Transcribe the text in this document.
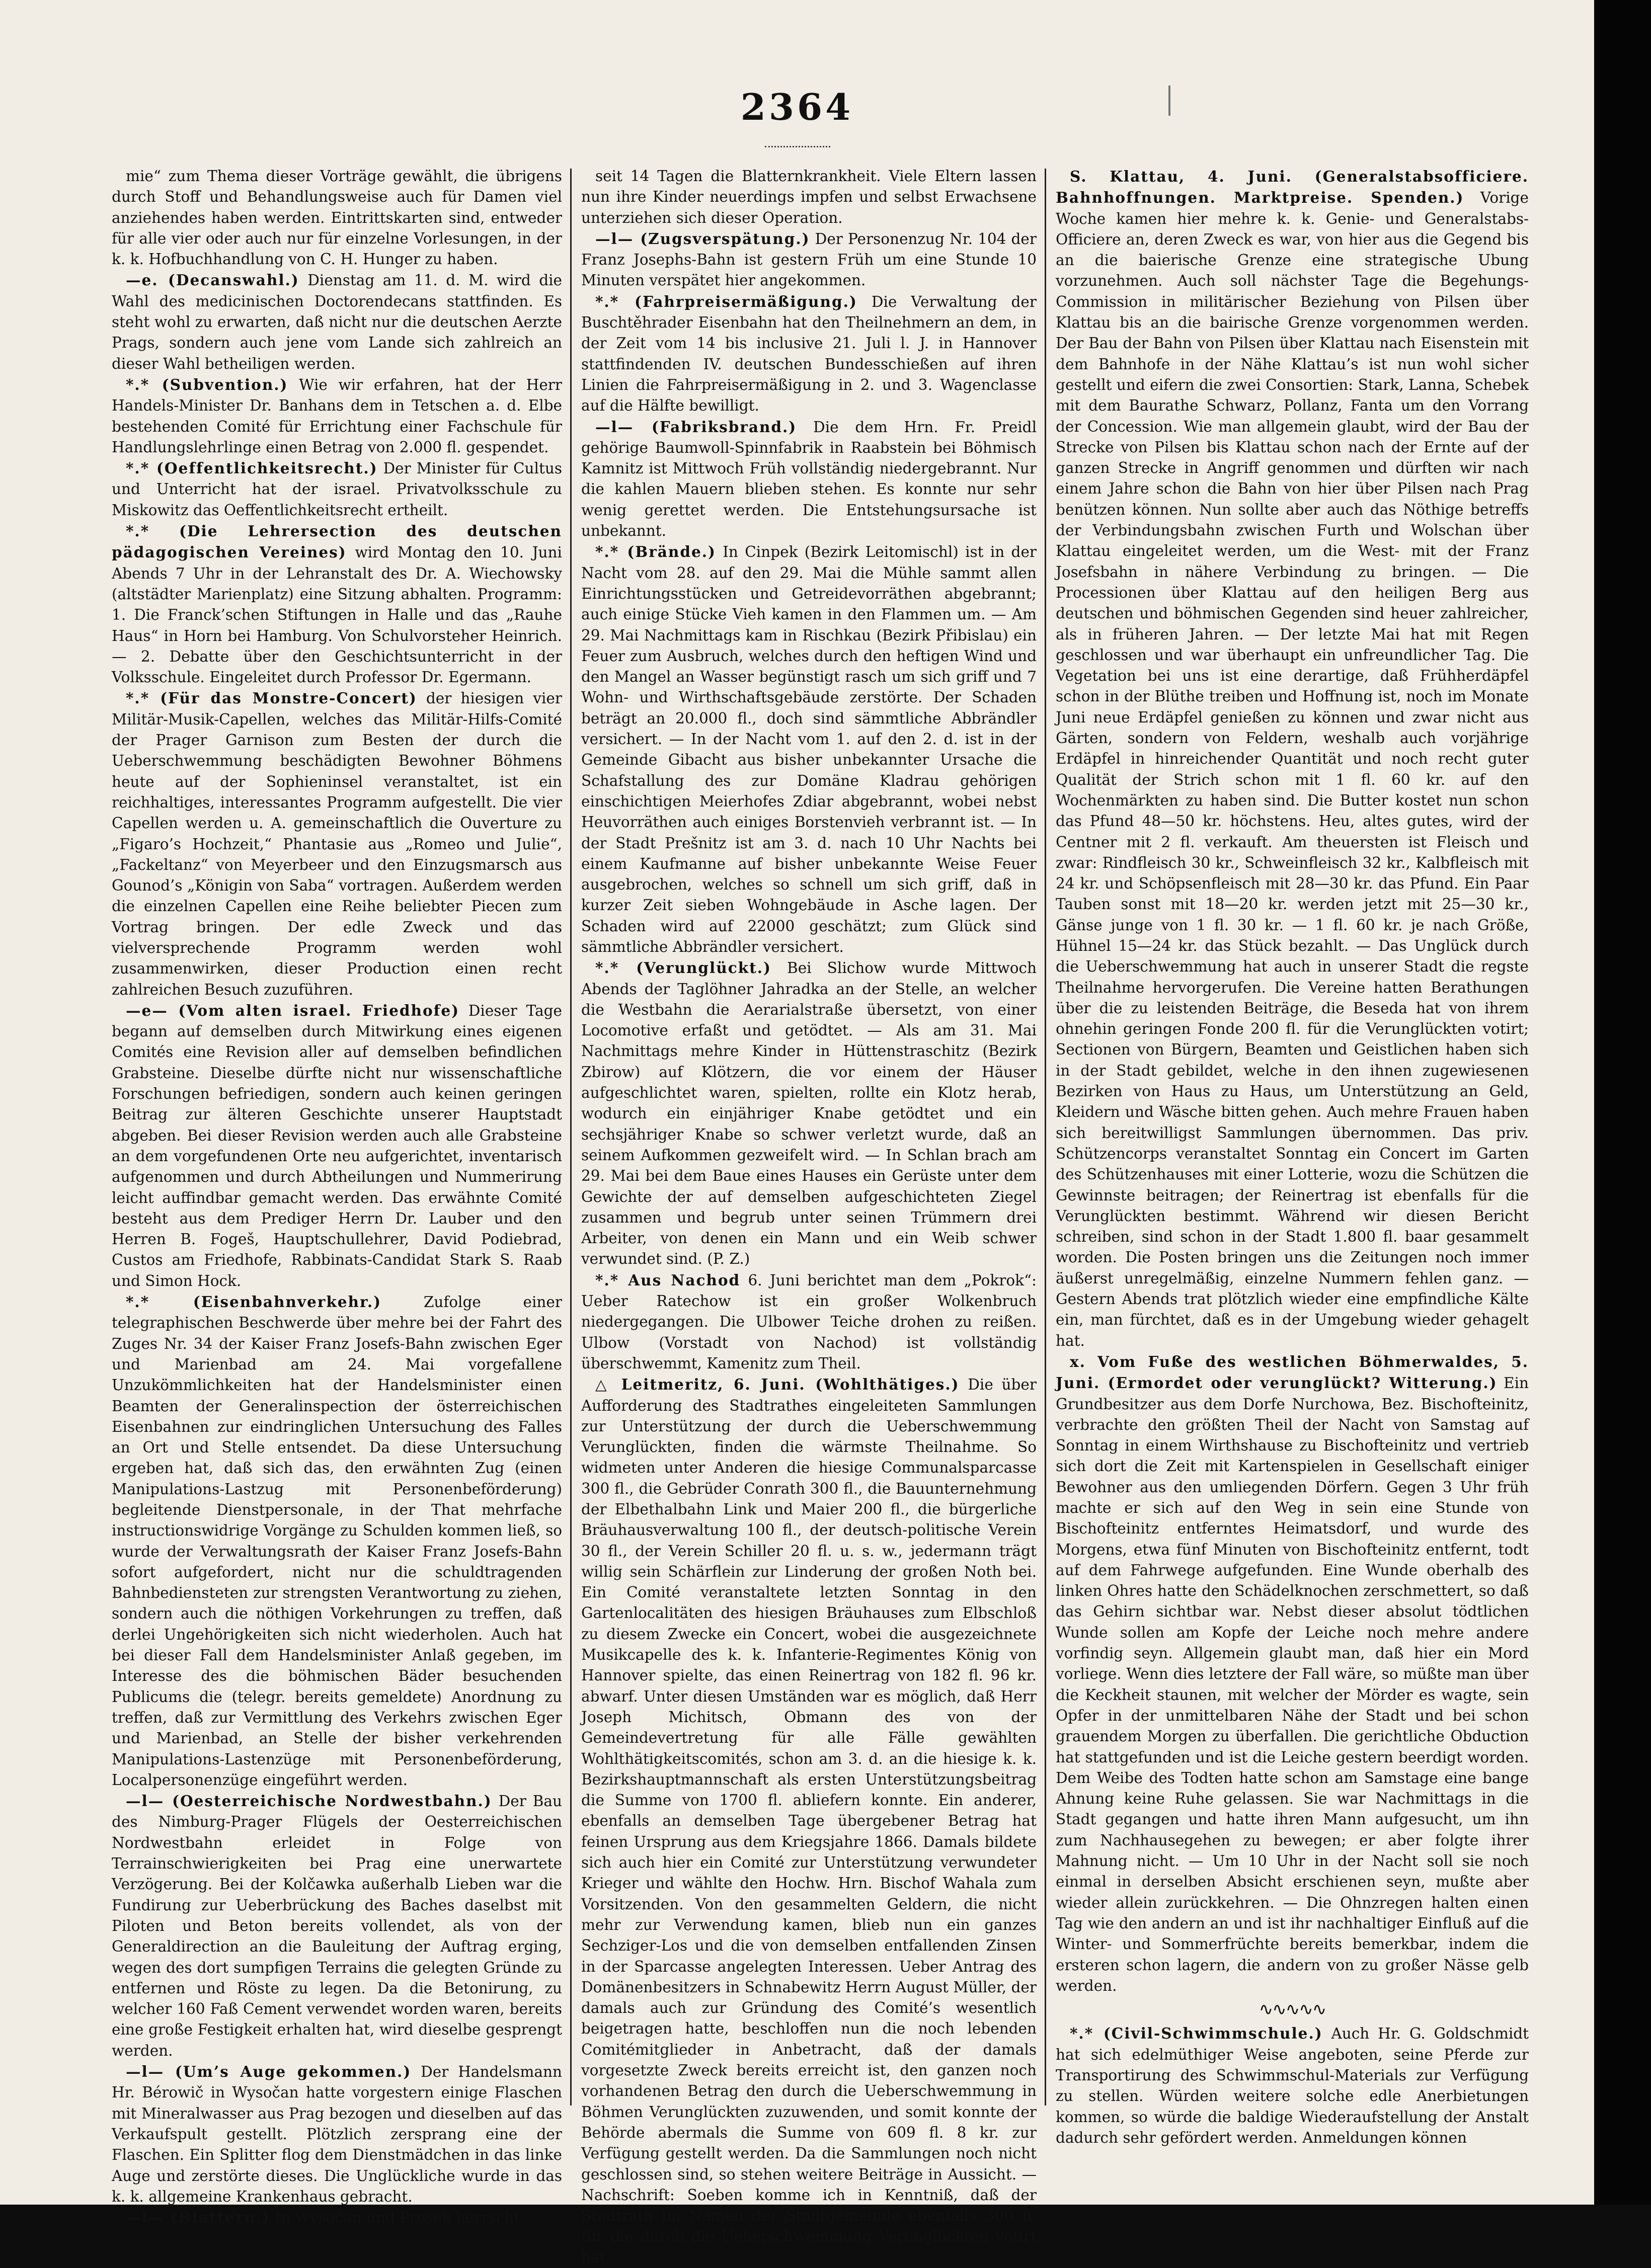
2364

mie“ zum Thema dieser Vorträge gewählt, die übrigens durch Stoff und Behandlungsweise auch für Damen viel anziehendes haben werden. Eintrittskarten sind, entweder für alle vier oder auch nur für einzelne Vorlesungen, in der k. k. Hofbuchhandlung von C. H. Hunger zu haben.

—e. (Decanswahl.) Dienstag am 11. d. M. wird die Wahl des medicinischen Doctorendecans stattfinden. Es steht wohl zu erwarten, daß nicht nur die deutschen Aerzte Prags, sondern auch jene vom Lande sich zahlreich an dieser Wahl betheiligen werden.

*.* (Subvention.) Wie wir erfahren, hat der Herr Handels-Minister Dr. Banhans dem in Tetschen a. d. Elbe bestehenden Comité für Errichtung einer Fachschule für Handlungslehrlinge einen Betrag von 2.000 fl. gespendet.

*.* (Oeffentlichkeitsrecht.) Der Minister für Cultus und Unterricht hat der israel. Privatvolksschule zu Miskowitz das Oeffentlichkeitsrecht ertheilt.

*.* (Die Lehrersection des deutschen pädagogischen Vereines) wird Montag den 10. Juni Abends 7 Uhr in der Lehranstalt des Dr. A. Wiechowsky (altstädter Marienplatz) eine Sitzung abhalten. Programm: 1. Die Franck’schen Stiftungen in Halle und das „Rauhe Haus“ in Horn bei Hamburg. Von Schulvorsteher Heinrich. — 2. Debatte über den Geschichtsunterricht in der Volksschule. Eingeleitet durch Professor Dr. Egermann.

*.* (Für das Monstre-Concert) der hiesigen vier Militär-Musik-Capellen, welches das Militär-Hilfs-Comité der Prager Garnison zum Besten der durch die Ueberschwemmung beschädigten Bewohner Böhmens heute auf der Sophieninsel veranstaltet, ist ein reichhaltiges, interessantes Programm aufgestellt. Die vier Capellen werden u. A. gemeinschaftlich die Ouverture zu „Figaro’s Hochzeit,“ Phantasie aus „Romeo und Julie“, „Fackeltanz“ von Meyerbeer und den Einzugsmarsch aus Gounod’s „Königin von Saba“ vortragen. Außerdem werden die einzelnen Capellen eine Reihe beliebter Piecen zum Vortrag bringen. Der edle Zweck und das vielversprechende Programm werden wohl zusammenwirken, dieser Production einen recht zahlreichen Besuch zuzuführen.

—e— (Vom alten israel. Friedhofe) Dieser Tage begann auf demselben durch Mitwirkung eines eigenen Comités eine Revision aller auf demselben befindlichen Grabsteine. Dieselbe dürfte nicht nur wissenschaftliche Forschungen befriedigen, sondern auch keinen geringen Beitrag zur älteren Geschichte unserer Hauptstadt abgeben. Bei dieser Revision werden auch alle Grabsteine an dem vorgefundenen Orte neu aufgerichtet, inventarisch aufgenommen und durch Abtheilungen und Nummerirung leicht auffindbar gemacht werden. Das erwähnte Comité besteht aus dem Prediger Herrn Dr. Lauber und den Herren B. Fogeš, Hauptschullehrer, David Podiebrad, Custos am Friedhofe, Rabbinats-Candidat Stark S. Raab und Simon Hock.

*.* (Eisenbahnverkehr.)	Zufolge einer telegraphischen Beschwerde über mehre bei der Fahrt des Zuges Nr. 34 der Kaiser Franz Josefs-Bahn zwischen Eger und Marienbad am 24. Mai vorgefallene Unzukömmlichkeiten hat der Handelsminister einen Beamten der Generalinspection der österreichischen Eisenbahnen zur eindringlichen Untersuchung des Falles an Ort und Stelle entsendet. Da diese Untersuchung ergeben hat, daß sich das, den erwähnten Zug (einen Manipulations-Lastzug mit Personenbeförderung) begleitende Dienstpersonale, in der That mehrfache instructionswidrige Vorgänge zu Schulden kommen ließ, so wurde der Verwaltungsrath der Kaiser Franz Josefs-Bahn sofort aufgefordert, nicht nur die schuldtragenden Bahnbediensteten zur strengsten Verantwortung zu ziehen, sondern auch die nöthigen Vorkehrungen zu treffen, daß derlei Ungehörigkeiten sich nicht wiederholen. Auch hat bei dieser Fall dem Handelsminister Anlaß gegeben, im Interesse des die böhmischen Bäder besuchenden Publicums die (telegr. bereits gemeldete) Anordnung zu treffen, daß zur Vermittlung des Verkehrs zwischen Eger und Marienbad, an Stelle der bisher verkehrenden Manipulations-Lastenzüge mit Personenbeförderung, Localpersonenzüge eingeführt werden.

—l— (Oesterreichische Nordwestbahn.) Der Bau des Nimburg-Prager Flügels der Oesterreichischen Nordwestbahn erleidet in Folge von Terrainschwierigkeiten bei Prag eine unerwartete Verzögerung. Bei der Kolčawka außerhalb Lieben war die Fundirung zur Ueberbrückung des Baches daselbst mit Piloten und Beton bereits vollendet, als von der Generaldirection an die Bauleitung der Auftrag erging, wegen des dort sumpfigen Terrains die gelegten Gründe zu entfernen und Röste zu legen. Da die Betonirung, zu welcher 160 Faß Cement verwendet worden waren, bereits eine große Festigkeit erhalten hat, wird dieselbe gesprengt werden.

—l— (Um’s Auge gekommen.) Der Handelsmann Hr. Bérowič in Wysočan hatte vorgestern einige Flaschen mit Mineralwasser aus Prag bezogen und dieselben auf das Verkaufspult gestellt. Plötzlich zersprang eine der Flaschen. Ein Splitter flog dem Dienstmädchen in das linke Auge und zerstörte dieses. Die Unglückliche wurde in das k. k. allgemeine Krankenhaus gebracht.

—l— (Blattern.) In Wysočan und Prosek herrscht

seit 14 Tagen die Blatternkrankheit. Viele Eltern lassen nun ihre Kinder neuerdings impfen und selbst Erwachsene unterziehen sich dieser Operation.

—l— (Zugsverspätung.) Der Personenzug Nr. 104 der Franz Josephs-Bahn ist gestern Früh um eine Stunde 10 Minuten verspätet hier angekommen.

*.* (Fahrpreisermäßigung.) Die Verwaltung der Buschtěhrader Eisenbahn hat den Theilnehmern an dem, in der Zeit vom 14 bis inclusive 21. Juli l. J. in Hannover stattfindenden IV. deutschen Bundesschießen auf ihren Linien die Fahrpreisermäßigung in 2. und 3. Wagenclasse auf die Hälfte bewilligt.

—l— (Fabriksbrand.) Die dem Hrn. Fr. Preidl gehörige Baumwoll-Spinnfabrik in Raabstein bei Böhmisch Kamnitz ist Mittwoch Früh vollständig niedergebrannt. Nur die kahlen Mauern blieben stehen. Es konnte nur sehr wenig gerettet werden. Die Entstehungsursache ist unbekannt.

*.* (Brände.) In Cinpek (Bezirk Leitomischl) ist in der Nacht vom 28. auf den 29. Mai die Mühle sammt allen Einrichtungsstücken und Getreidevorräthen abgebrannt; auch einige Stücke Vieh kamen in den Flammen um. — Am 29. Mai Nachmittags kam in Rischkau (Bezirk Přibislau) ein Feuer zum Ausbruch, welches durch den heftigen Wind und den Mangel an Wasser begünstigt rasch um sich griff und 7 Wohn- und Wirthschaftsgebäude zerstörte. Der Schaden beträgt an 20.000 fl., doch sind sämmtliche Abbrändler versichert. — In der Nacht vom 1. auf den 2. d. ist in der Gemeinde Gibacht aus bisher unbekannter Ursache die Schafstallung des zur Domäne Kladrau gehörigen einschichtigen Meierhofes Zdiar abgebrannt, wobei nebst Heuvorräthen auch einiges Borstenvieh verbrannt ist. — In der Stadt Prešnitz ist am 3. d. nach 10 Uhr Nachts bei einem Kaufmanne auf bisher unbekannte Weise Feuer ausgebrochen, welches so schnell um sich griff, daß in kurzer Zeit sieben Wohngebäude in Asche lagen. Der Schaden wird auf 22000 geschätzt; zum Glück sind sämmtliche Abbrändler versichert.

*.* (Verunglückt.) Bei Slichow wurde Mittwoch Abends der Taglöhner Jahradka an der Stelle, an welcher die Westbahn die Aerarialstraße übersetzt, von einer Locomotive erfaßt und getödtet. — Als am 31. Mai Nachmittags mehre Kinder in Hüttenstraschitz (Bezirk Zbirow) auf Klötzern, die vor einem der Häuser aufgeschlichtet waren, spielten, rollte ein Klotz herab, wodurch ein einjähriger Knabe getödtet und ein sechsjähriger Knabe so schwer verletzt wurde, daß an seinem Aufkommen gezweifelt wird. — In Schlan brach am 29. Mai bei dem Baue eines Hauses ein Gerüste unter dem Gewichte der auf demselben aufgeschichteten Ziegel zusammen und begrub unter seinen Trümmern drei Arbeiter, von denen ein Mann und ein Weib schwer verwundet sind. (P. Z.)

*.* Aus Nachod 6. Juni berichtet man dem „Pokrok“: Ueber Ratechow ist ein großer Wolkenbruch niedergegangen. Die Ulbower Teiche drohen zu reißen. Ulbow (Vorstadt von Nachod) ist vollständig überschwemmt, Kamenitz zum Theil.

△ Leitmeritz, 6. Juni. (Wohlthätiges.) Die über Aufforderung des Stadtrathes eingeleiteten Sammlungen zur Unterstützung der durch die Ueberschwemmung Verunglückten, finden die wärmste Theilnahme. So widmeten unter Anderen die hiesige Communalsparcasse 300 fl., die Gebrüder Conrath 300 fl., die Bauunternehmung der Elbethalbahn Link und Maier 200 fl., die bürgerliche Bräuhausverwaltung 100 fl., der deutsch-politische Verein 30 fl., der Verein Schiller 20 fl. u. s. w., jedermann trägt willig sein Schärflein zur Linderung der großen Noth bei. Ein Comité veranstaltete letzten Sonntag in den Gartenlocalitäten des hiesigen Bräuhauses zum Elbschloß zu diesem Zwecke ein Concert, wobei die ausgezeichnete Musikcapelle des k. k. Infanterie-Regimentes König von Hannover spielte, das einen Reinertrag von 182 fl. 96 kr. abwarf. Unter diesen Umständen war es möglich, daß Herr Joseph Michitsch, Obmann des von der Gemeindevertretung für alle Fälle gewählten Wohlthätigkeitscomités, schon am 3. d. an die hiesige k. k. Bezirkshauptmannschaft als ersten Unterstützungsbeitrag die Summe von 1700 fl. abliefern konnte. Ein anderer, ebenfalls an demselben Tage übergebener Betrag hat feinen Ursprung aus dem Kriegsjahre 1866. Damals bildete sich auch hier ein Comité zur Unterstützung verwundeter Krieger und wählte den Hochw. Hrn. Bischof Wahala zum Vorsitzenden. Von den gesammelten Geldern, die nicht mehr zur Verwendung kamen, blieb nun ein ganzes Sechziger-Los und die von demselben entfallenden Zinsen in der Sparcasse angelegten Interessen. Ueber Antrag des Domänenbesitzers in Schnabewitz Herrn August Müller, der damals auch zur Gründung des Comité’s wesentlich beigetragen hatte, beschloffen nun die noch lebenden Comitémitglieder in Anbetracht, daß der damals vorgesetzte Zweck bereits erreicht ist, den ganzen noch vorhandenen Betrag den durch die Ueberschwemmung in Böhmen Verunglückten zuzuwenden, und somit konnte der Behörde abermals die Summe von 609 fl. 8 kr. zur Verfügung gestellt werden. Da die Sammlungen noch nicht geschlossen sind, so stehen weitere Beiträge in Aussicht. — Nachschrift: Soeben komme ich in Kenntniß, daß der Stadtrath im Namen der Stadtgemeinde ebenfalls 300 fl. für die durch die Ueberschwemmung Verunglückten votirt hat.

S. Klattau, 4. Juni. (Generalstabsofficiere. Bahnhoffnungen. Marktpreise. Spenden.) Vorige Woche kamen hier mehre k. k. Genie- und Generalstabs-Officiere an, deren Zweck es war, von hier aus die Gegend bis an die baierische Grenze eine strategische Ubung vorzunehmen. Auch soll nächster Tage die Begehungs-Commission in militärischer Beziehung von Pilsen über Klattau bis an die bairische Grenze vorgenommen werden. Der Bau der Bahn von Pilsen über Klattau nach Eisenstein mit dem Bahnhofe in der Nähe Klattau’s ist nun wohl sicher gestellt und eifern die zwei Consortien: Stark, Lanna, Schebek mit dem Baurathe Schwarz, Pollanz, Fanta um den Vorrang der Concession. Wie man allgemein glaubt, wird der Bau der Strecke von Pilsen bis Klattau schon nach der Ernte auf der ganzen Strecke in Angriff genommen und dürften wir nach einem Jahre schon die Bahn von hier über Pilsen nach Prag benützen können. Nun sollte aber auch das Nöthige betreffs der Verbindungsbahn zwischen Furth und Wolschan über Klattau eingeleitet werden, um die West- mit der Franz Josefsbahn in nähere Verbindung zu bringen. — Die Processionen über Klattau auf den heiligen Berg aus deutschen und böhmischen Gegenden sind heuer zahlreicher, als in früheren Jahren. — Der letzte Mai hat mit Regen geschlossen und war überhaupt ein unfreundlicher Tag. Die Vegetation bei uns ist eine derartige, daß Frühherdäpfel schon in der Blüthe treiben und Hoffnung ist, noch im Monate Juni neue Erdäpfel genießen zu können und zwar nicht aus Gärten, sondern von Feldern, weshalb auch vorjährige Erdäpfel in hinreichender Quantität und noch recht guter Qualität der Strich schon mit 1 fl. 60 kr. auf den Wochenmärkten zu haben sind. Die Butter kostet nun schon das Pfund 48—50 kr. höchstens. Heu, altes gutes, wird der Centner mit 2 fl. verkauft. Am theuersten ist Fleisch und zwar: Rindfleisch 30 kr., Schweinfleisch 32 kr., Kalbfleisch mit 24 kr. und Schöpsenfleisch mit 28—30 kr. das Pfund. Ein Paar Tauben sonst mit 18—20 kr. werden jetzt mit 25—30 kr., Gänse junge von 1 fl. 30 kr. — 1 fl. 60 kr. je nach Größe, Hühnel 15—24 kr. das Stück bezahlt. — Das Unglück durch die Ueberschwemmung hat auch in unserer Stadt die regste Theilnahme hervorgerufen. Die Vereine hatten Berathungen über die zu leistenden Beiträge, die Beseda hat von ihrem ohnehin geringen Fonde 200 fl. für die Verunglückten votirt; Sectionen von Bürgern, Beamten und Geistlichen haben sich in der Stadt gebildet, welche in den ihnen zugewiesenen Bezirken von Haus zu Haus, um Unterstützung an Geld, Kleidern und Wäsche bitten gehen. Auch mehre Frauen haben sich bereitwilligst Sammlungen übernommen. Das priv. Schützencorps veranstaltet Sonntag ein Concert im Garten des Schützenhauses mit einer Lotterie, wozu die Schützen die Gewinnste beitragen; der Reinertrag ist ebenfalls für die Verunglückten bestimmt. Während wir diesen Bericht schreiben, sind schon in der Stadt 1.800 fl. baar gesammelt worden. Die Posten bringen uns die Zeitungen noch immer äußerst unregelmäßig, einzelne Nummern fehlen ganz. — Gestern Abends trat plötzlich wieder eine empfindliche Kälte ein, man fürchtet, daß es in der Umgebung wieder gehagelt hat.

x. Vom Fuße des westlichen Böhmerwaldes, 5. Juni. (Ermordet oder verunglückt? Witterung.) Ein Grundbesitzer aus dem Dorfe Nurchowa, Bez. Bischofteinitz, verbrachte den größten Theil der Nacht von Samstag auf Sonntag in einem Wirthshause zu Bischofteinitz und vertrieb sich dort die Zeit mit Kartenspielen in Gesellschaft einiger Bewohner aus den umliegenden Dörfern. Gegen 3 Uhr früh machte er sich auf den Weg in sein eine Stunde von Bischofteinitz entferntes Heimatsdorf, und wurde des Morgens, etwa fünf Minuten von Bischofteinitz entfernt, todt auf dem Fahrwege aufgefunden. Eine Wunde oberhalb des linken Ohres hatte den Schädelknochen zerschmettert, so daß das Gehirn sichtbar war. Nebst dieser absolut tödtlichen Wunde sollen am Kopfe der Leiche noch mehre andere vorfindig seyn. Allgemein glaubt man, daß hier ein Mord vorliege. Wenn dies letztere der Fall wäre, so müßte man über die Keckheit staunen, mit welcher der Mörder es wagte, sein Opfer in der unmittelbaren Nähe der Stadt und bei schon grauendem Morgen zu überfallen. Die gerichtliche Obduction hat stattgefunden und ist die Leiche gestern beerdigt worden. Dem Weibe des Todten hatte schon am Samstage eine bange Ahnung keine Ruhe gelassen. Sie war Nachmittags in die Stadt gegangen und hatte ihren Mann aufgesucht, um ihn zum Nachhausegehen zu bewegen; er aber folgte ihrer Mahnung nicht. — Um 10 Uhr in der Nacht soll sie noch einmal in derselben Absicht erschienen seyn, mußte aber wieder allein zurückkehren. — Die Ohnzregen halten einen Tag wie den andern an und ist ihr nachhaltiger Einfluß auf die Winter- und Sommerfrüchte bereits bemerkbar, indem die ersteren schon lagern, die andern von zu großer Nässe gelb werden.

∿∿∿∿∿

*.* (Civil-Schwimmschule.) Auch Hr. G. Goldschmidt hat sich edelmüthiger Weise angeboten, seine Pferde zur Transportirung des Schwimmschul-Materials zur Verfügung zu stellen. Würden weitere solche edle Anerbietungen kommen, so würde die baldige Wiederaufstellung der Anstalt dadurch sehr gefördert werden. Anmeldungen können
